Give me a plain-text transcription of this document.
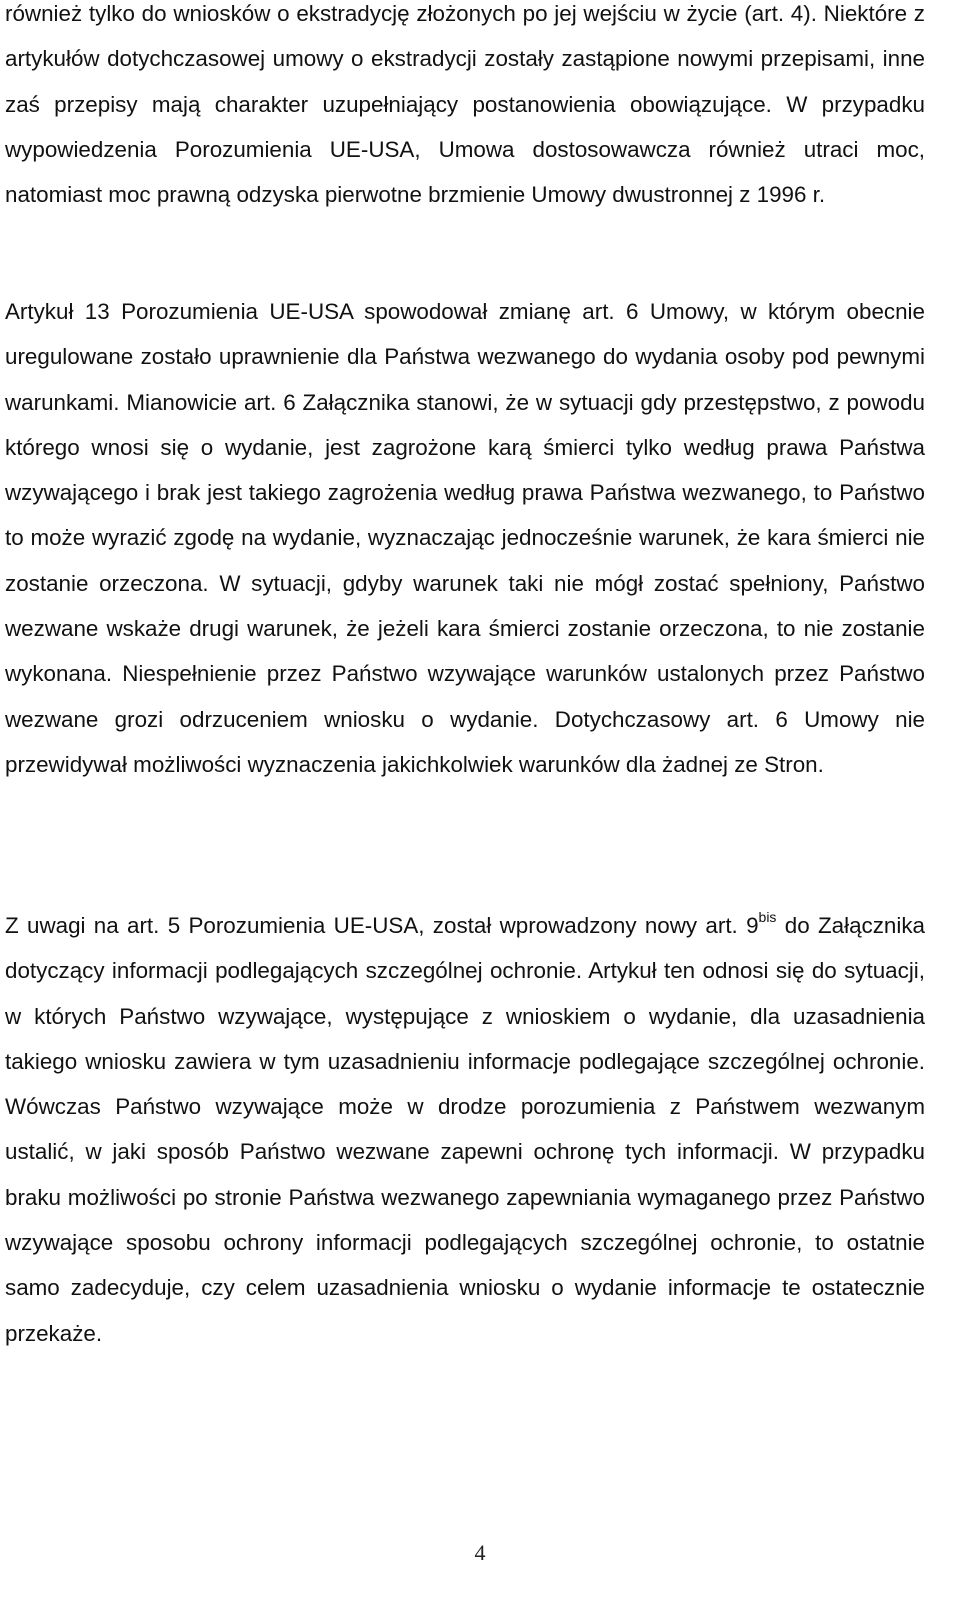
również tylko do wniosków o ekstradycję złożonych po jej wejściu w życie (art. 4). Niektóre z artykułów dotychczasowej umowy o ekstradycji zostały zastąpione nowymi przepisami, inne zaś przepisy mają charakter uzupełniający postanowienia obowiązujące. W przypadku wypowiedzenia Porozumienia UE-USA, Umowa dostosowawcza również utraci moc, natomiast moc prawną odzyska pierwotne brzmienie Umowy dwustronnej z 1996 r.

Artykuł 13 Porozumienia UE-USA spowodował zmianę art. 6 Umowy, w którym obecnie uregulowane zostało uprawnienie dla Państwa wezwanego do wydania osoby pod pewnymi warunkami. Mianowicie art. 6 Załącznika stanowi, że w sytuacji gdy przestępstwo, z powodu którego wnosi się o wydanie, jest zagrożone karą śmierci tylko według prawa Państwa wzywającego i brak jest takiego zagrożenia według prawa Państwa wezwanego, to Państwo to może wyrazić zgodę na wydanie, wyznaczając jednocześnie warunek, że kara śmierci nie zostanie orzeczona. W sytuacji, gdyby warunek taki nie mógł zostać spełniony, Państwo wezwane wskaże drugi warunek, że jeżeli kara śmierci zostanie orzeczona, to nie zostanie wykonana. Niespełnienie przez Państwo wzywające warunków ustalonych przez Państwo wezwane grozi odrzuceniem wniosku o wydanie. Dotychczasowy art. 6 Umowy nie przewidywał możliwości wyznaczenia jakichkolwiek warunków dla żadnej ze Stron.

Z uwagi na art. 5 Porozumienia UE-USA, został wprowadzony nowy art. $9^{bis}$ do Załącznika dotyczący informacji podlegających szczególnej ochronie. Artykuł ten odnosi się do sytuacji, w których Państwo wzywające, występujące z wnioskiem o wydanie, dla uzasadnienia takiego wniosku zawiera w tym uzasadnieniu informacje podlegające szczególnej ochronie. Wówczas Państwo wzywające może w drodze porozumienia z Państwem wezwanym ustalić, w jaki sposób Państwo wezwane zapewni ochronę tych informacji. W przypadku braku możliwości po stronie Państwa wezwanego zapewniania wymaganego przez Państwo wzywające sposobu ochrony informacji podlegających szczególnej ochronie, to ostatnie samo zadecyduje, czy celem uzasadnienia wniosku o wydanie informacje te ostatecznie przekaże.

4
